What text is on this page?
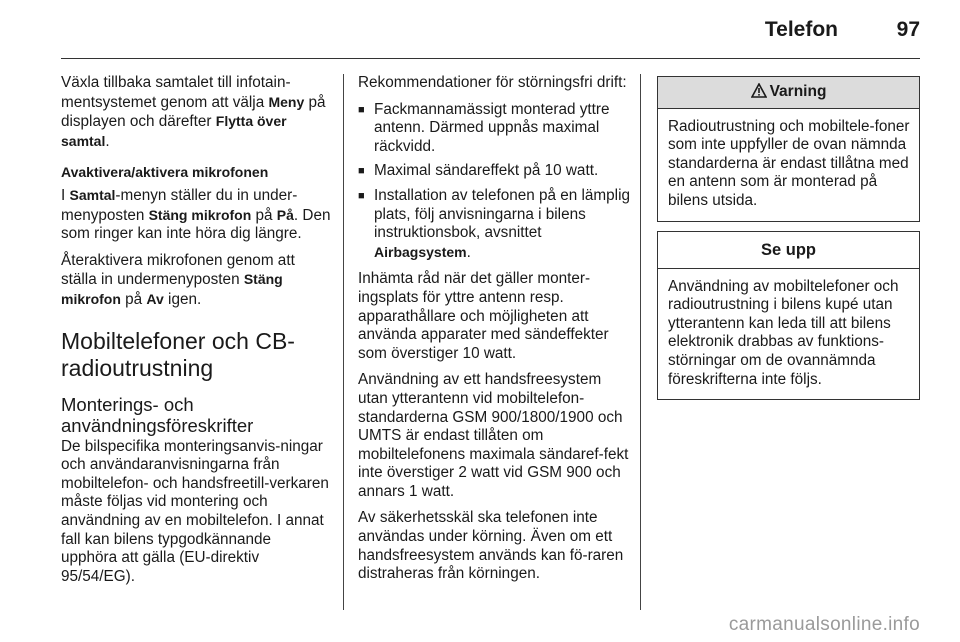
Telefon	97

Växla tillbaka samtalet till infotain-mentsystemet genom att välja Meny på displayen och därefter Flytta över samtal.

Avaktivera/aktivera mikrofonen

I Samtal-menyn ställer du in under-menyposten Stäng mikrofon på På. Den som ringer kan inte höra dig längre.

Återaktivera mikrofonen genom att ställa in undermenyposten Stäng mikrofon på Av igen.

Mobiltelefoner och CB-radioutrustning
Monterings- och användningsföreskrifter

De bilspecifika monteringsanvis-ningar och användaranvisningarna från mobiltelefon- och handsfreetill-verkaren måste följas vid montering och användning av en mobiltelefon. I annat fall kan bilens typgodkännande upphöra att gälla (EU-direktiv 95/54/EG).

Rekommendationer för störningsfri drift:

■ Fackmannamässigt monterad yttre antenn. Därmed uppnås maximal räckvidd.
■ Maximal sändareffekt på 10 watt.
■ Installation av telefonen på en lämplig plats, följ anvisningarna i bilens instruktionsbok, avsnittet Airbagsystem.

Inhämta råd när det gäller monter-ingsplats för yttre antenn resp. apparathållare och möjligheten att använda apparater med sändeffekter som överstiger 10 watt.

Användning av ett handsfreesystem utan ytterantenn vid mobiltelefon-standarderna GSM 900/1800/1900 och UMTS är endast tillåten om mobiltelefonens maximala sändaref-fekt inte överstiger 2 watt vid GSM 900 och annars 1 watt.

Av säkerhetsskäl ska telefonen inte användas under körning. Även om ett handsfreesystem används kan fö-raren distraheras från körningen.

Varning
Radioutrustning och mobiltele-foner som inte uppfyller de ovan nämnda standarderna är endast tillåtna med en antenn som är monterad på bilens utsida.
Se upp
Användning av mobiltelefoner och radioutrustning i bilens kupé utan ytterantenn kan leda till att bilens elektronik drabbas av funktions-störningar om de ovannämnda föreskrifterna inte följs.
carmanualsonline.info
